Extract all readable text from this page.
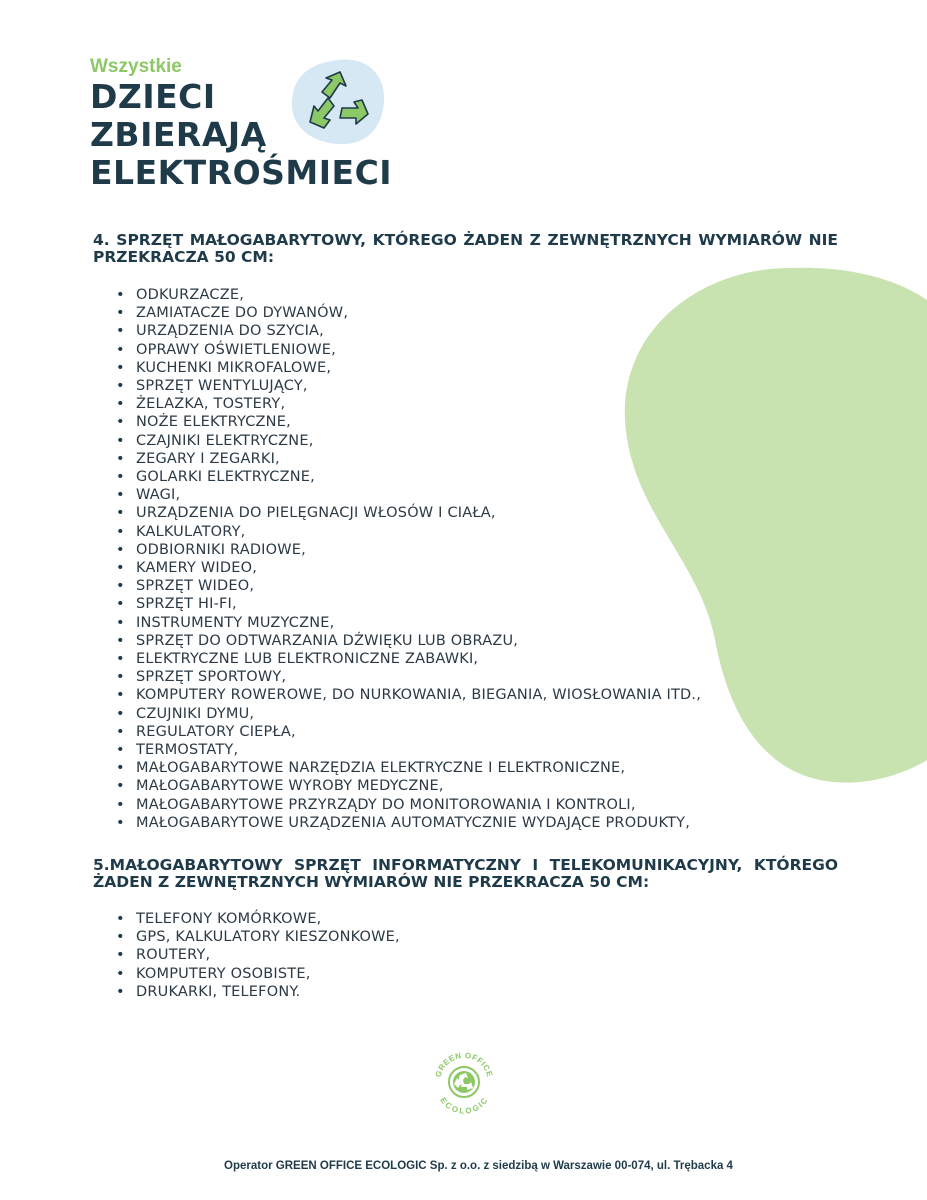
Wszystkie

DZIECI

ZBIERAJĄ

ELEKTROŚMIECI

4. SPRZĘT MAŁOGABARYTOWY, KTÓREGO ŻADEN Z ZEWNĘTRZNYCH WYMIARÓW NIE PRZEKRACZA 50 CM:

• ODKURZACZE,
• ZAMIATACZE DO DYWANÓW,
• URZĄDZENIA DO SZYCIA,
• OPRAWY OŚWIETLENIOWE,
• KUCHENKI MIKROFALOWE,
• SPRZĘT WENTYLUJĄCY,
• ŻELAZKA, TOSTERY,
• NOŻE ELEKTRYCZNE,
• CZAJNIKI ELEKTRYCZNE,
• ZEGARY I ZEGARKI,
• GOLARKI ELEKTRYCZNE,
• WAGI,
• URZĄDZENIA DO PIELĘGNACJI WŁOSÓW I CIAŁA,
• KALKULATORY,
• ODBIORNIKI RADIOWE,
• KAMERY WIDEO,
• SPRZĘT WIDEO,
• SPRZĘT HI-FI,
• INSTRUMENTY MUZYCZNE,
• SPRZĘT DO ODTWARZANIA DŹWIĘKU LUB OBRAZU,
• ELEKTRYCZNE LUB ELEKTRONICZNE ZABAWKI,
• SPRZĘT SPORTOWY,
• KOMPUTERY ROWEROWE, DO NURKOWANIA, BIEGANIA, WIOSŁOWANIA ITD.,
• CZUJNIKI DYMU,
• REGULATORY CIEPŁA,
• TERMOSTATY,
• MAŁOGABARYTOWE NARZĘDZIA ELEKTRYCZNE I ELEKTRONICZNE,
• MAŁOGABARYTOWE WYROBY MEDYCZNE,
• MAŁOGABARYTOWE PRZYRZĄDY DO MONITOROWANIA I KONTROLI,
• MAŁOGABARYTOWE URZĄDZENIA AUTOMATYCZNIE WYDAJĄCE PRODUKTY,

5.MAŁOGABARYTOWY SPRZĘT INFORMATYCZNY I TELEKOMUNIKACYJNY, KTÓREGO ŻADEN Z ZEWNĘTRZNYCH WYMIARÓW NIE PRZEKRACZA 50 CM:

• TELEFONY KOMÓRKOWE,
• GPS, KALKULATORY KIESZONKOWE,
• ROUTERY,
• KOMPUTERY OSOBISTE,
• DRUKARKI, TELEFONY.
GREEN OFFICE
ECOLOGIC
Operator GREEN OFFICE ECOLOGIC Sp. z o.o. z siedzibą w Warszawie 00-074, ul. Trębacka 4
